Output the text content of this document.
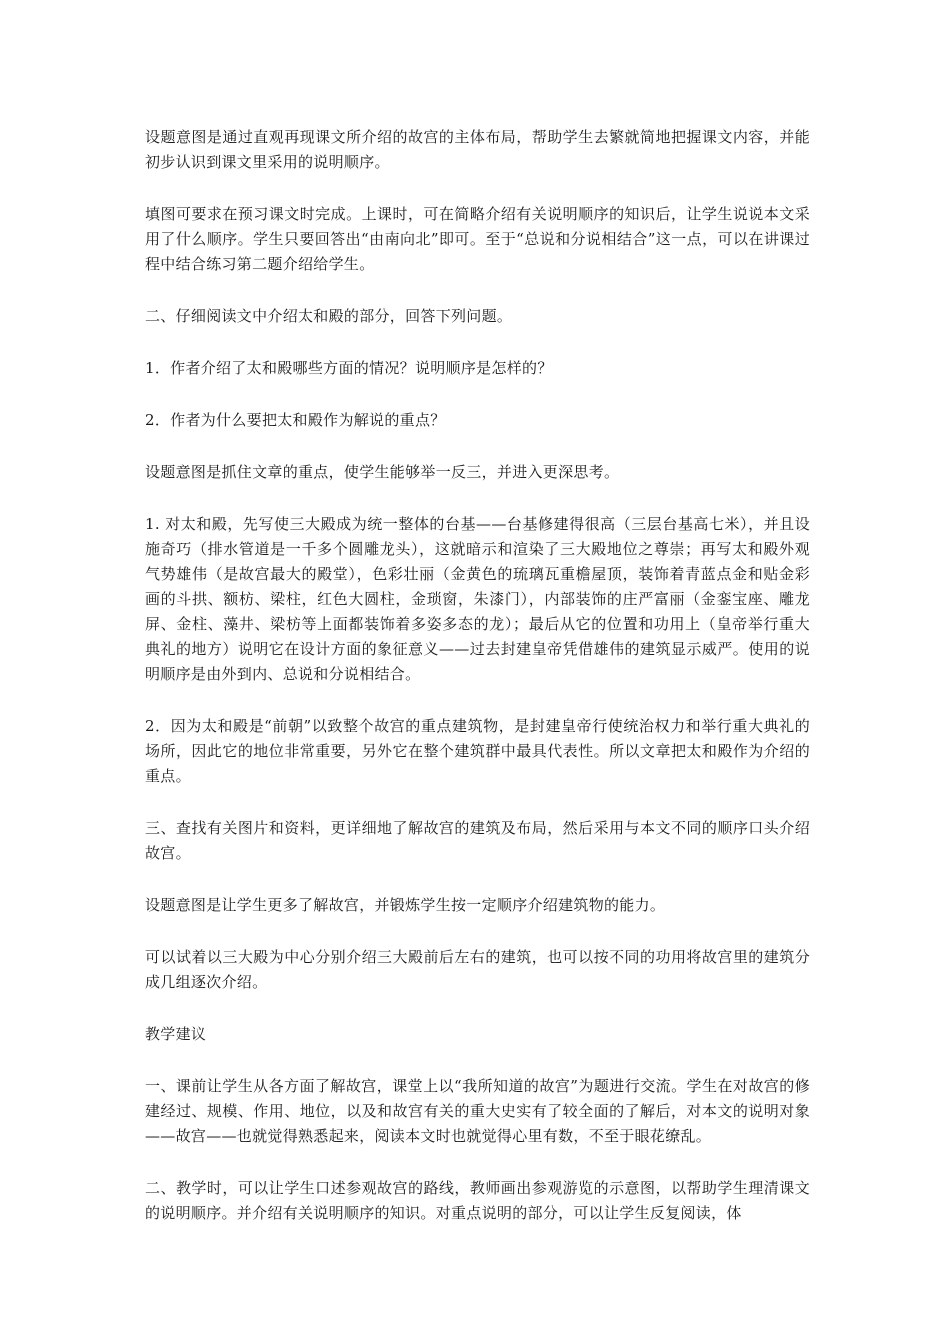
设题意图是通过直观再现课文所介绍的故宫的主体布局，帮助学生去繁就简地把握课文内容，并能初步认识到课文里采用的说明顺序。

填图可要求在预习课文时完成。上课时，可在简略介绍有关说明顺序的知识后，让学生说说本文采用了什么顺序。学生只要回答出“由南向北”即可。至于“总说和分说相结合”这一点，可以在讲课过程中结合练习第二题介绍给学生。

二、仔细阅读文中介绍太和殿的部分，回答下列问题。

1．作者介绍了太和殿哪些方面的情况？说明顺序是怎样的？

2．作者为什么要把太和殿作为解说的重点？

设题意图是抓住文章的重点，使学生能够举一反三，并进入更深思考。

1. 对太和殿，先写使三大殿成为统一整体的台基——台基修建得很高（三层台基高七米），并且设施奇巧（排水管道是一千多个圆雕龙头），这就暗示和渲染了三大殿地位之尊崇；再写太和殿外观气势雄伟（是故宫最大的殿堂），色彩壮丽（金黄色的琉璃瓦重檐屋顶，装饰着青蓝点金和贴金彩画的斗拱、额枋、梁柱，红色大圆柱，金琐窗，朱漆门），内部装饰的庄严富丽（金銮宝座、雕龙屏、金柱、藻井、梁枋等上面都装饰着多姿多态的龙）；最后从它的位置和功用上（皇帝举行重大典礼的地方）说明它在设计方面的象征意义——过去封建皇帝凭借雄伟的建筑显示威严。使用的说明顺序是由外到内、总说和分说相结合。

2．因为太和殿是“前朝”以致整个故宫的重点建筑物，是封建皇帝行使统治权力和举行重大典礼的场所，因此它的地位非常重要，另外它在整个建筑群中最具代表性。所以文章把太和殿作为介绍的重点。

三、查找有关图片和资料，更详细地了解故宫的建筑及布局，然后采用与本文不同的顺序口头介绍故宫。

设题意图是让学生更多了解故宫，并锻炼学生按一定顺序介绍建筑物的能力。

可以试着以三大殿为中心分别介绍三大殿前后左右的建筑，也可以按不同的功用将故宫里的建筑分成几组逐次介绍。

教学建议

一、课前让学生从各方面了解故宫，课堂上以“我所知道的故宫”为题进行交流。学生在对故宫的修建经过、规模、作用、地位，以及和故宫有关的重大史实有了较全面的了解后，对本文的说明对象——故宫——也就觉得熟悉起来，阅读本文时也就觉得心里有数，不至于眼花缭乱。

二、教学时，可以让学生口述参观故宫的路线，教师画出参观游览的示意图，以帮助学生理清课文的说明顺序。并介绍有关说明顺序的知识。对重点说明的部分，可以让学生反复阅读，体
